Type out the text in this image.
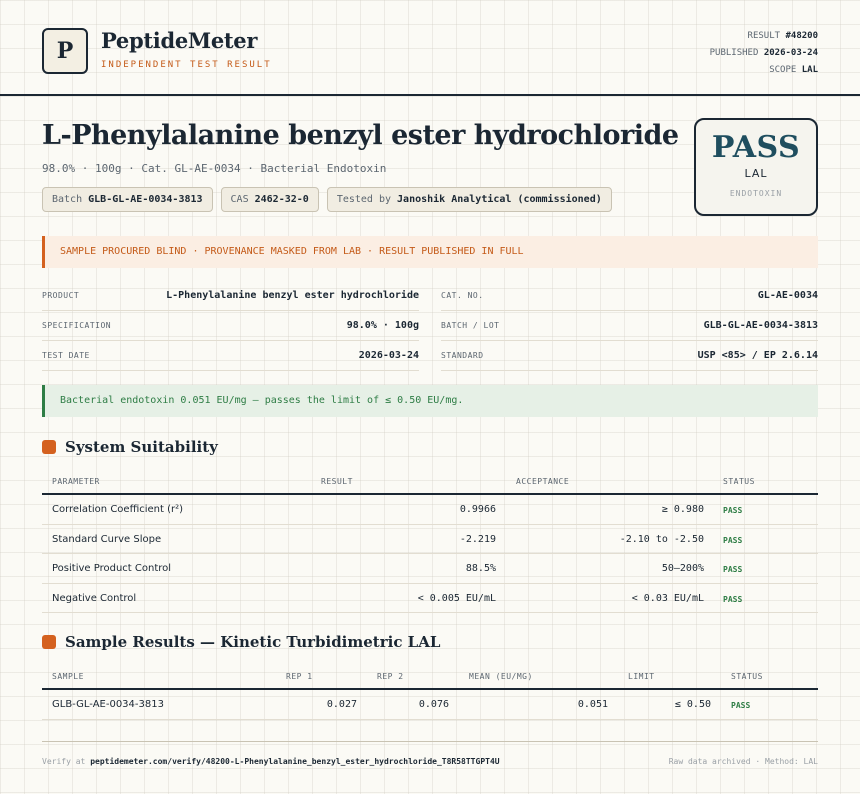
P	PeptideMeter
INDEPENDENT TEST RESULT
RESULT #48200
PUBLISHED 2026-03-24
SCOPE LAL
L-Phenylalanine benzyl ester hydrochloride
98.0% · 100g · Cat. GL-AE-0034 · Bacterial Endotoxin
Batch GLB-GL-AE-0034-3813	CAS 2462-32-0	Tested by Janoshik Analytical (commissioned)
PASS
LAL
ENDOTOXIN
SAMPLE PROCURED BLIND · PROVENANCE MASKED FROM LAB · RESULT PUBLISHED IN FULL
PRODUCT	L-Phenylalanine benzyl ester hydrochloride
SPECIFICATION	98.0% · 100g
TEST DATE	2026-03-24
CAT. NO.	GL-AE-0034
BATCH / LOT	GLB-GL-AE-0034-3813
STANDARD	USP <85> / EP 2.6.14
Bacterial endotoxin 0.051 EU/mg — passes the limit of ≤ 0.50 EU/mg.
System Suitability
PARAMETER	RESULT	ACCEPTANCE	STATUS
Correlation Coefficient (r²)	0.9966	≥ 0.980 PASS
Standard Curve Slope	-2.219	-2.10 to -2.50 PASS
Positive Product Control	88.5%	50–200% PASS
Negative Control	< 0.005 EU/mL	< 0.03 EU/mL PASS
Sample Results — Kinetic Turbidimetric LAL
SAMPLE	REP 1	REP 2	MEAN (EU/MG)	LIMIT	STATUS
GLB-GL-AE-0034-3813	0.027	0.076	0.051	≤ 0.50	PASS
Verify at peptidemeter.com/verify/48200-L-Phenylalanine_benzyl_ester_hydrochloride_T8R58TTGPT4U	Raw data archived · Method: LAL
